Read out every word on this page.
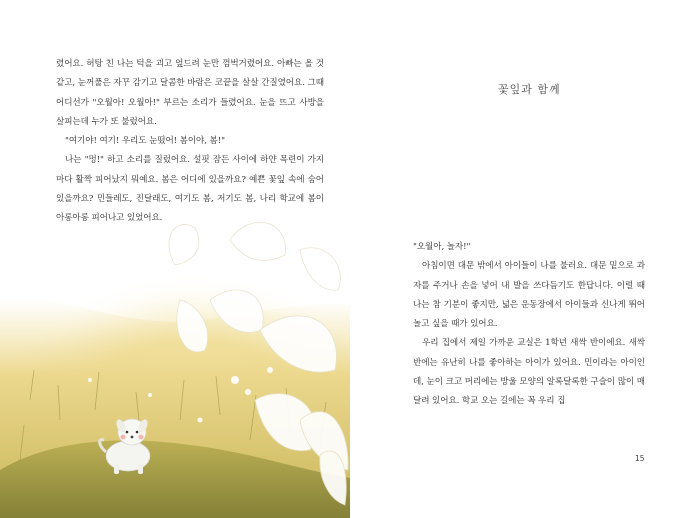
렸어요. 허탕 친 나는 턱을 괴고 엎드려 눈만 껌벅거렸어요. 아빠는 올 것 같고, 눈꺼풀은 자꾸 감기고 달콤한 바람은 코끝을 살살 간질였어요. 그때 어디선가 "오월아! 오월아!" 부르는 소리가 들렸어요. 눈을 뜨고 사방을 살피는데 누가 또 불렀어요.

"여기야! 여기! 우리도 눈떴어! 봄이야, 봄!"

나는 "멍!" 하고 소리를 질렀어요. 설핏 잠든 사이에 하얀 목련이 가지마다 활짝 피어났지 뭐예요. 봄은 어디에 있을까요? 예쁜 꽃잎 속에 숨어 있을까요? 민들레도, 진달래도, 여기도 봄, 저기도 봄, 나리 학교에 봄이 아롱아롱 피어나고 있었어요.

꽃잎과 함께

"오월아, 놀자!"

아침이면 대문 밖에서 아이들이 나를 불러요. 대문 밑으로 과자를 주거나 손을 넣어 내 발을 쓰다듬기도 한답니다. 이럴 때 나는 참 기분이 좋지만, 넓은 운동장에서 아이들과 신나게 뛰어놀고 싶을 때가 있어요.

우리 집에서 제일 가까운 교실은 1학년 새싹 반이에요. 새싹 반에는 유난히 나를 좋아하는 아이가 있어요. 민이라는 아이인데, 눈이 크고 머리에는 방울 모양의 알록달록한 구슬이 많이 매달려 있어요. 학교 오는 길에는 꼭 우리 집

15
